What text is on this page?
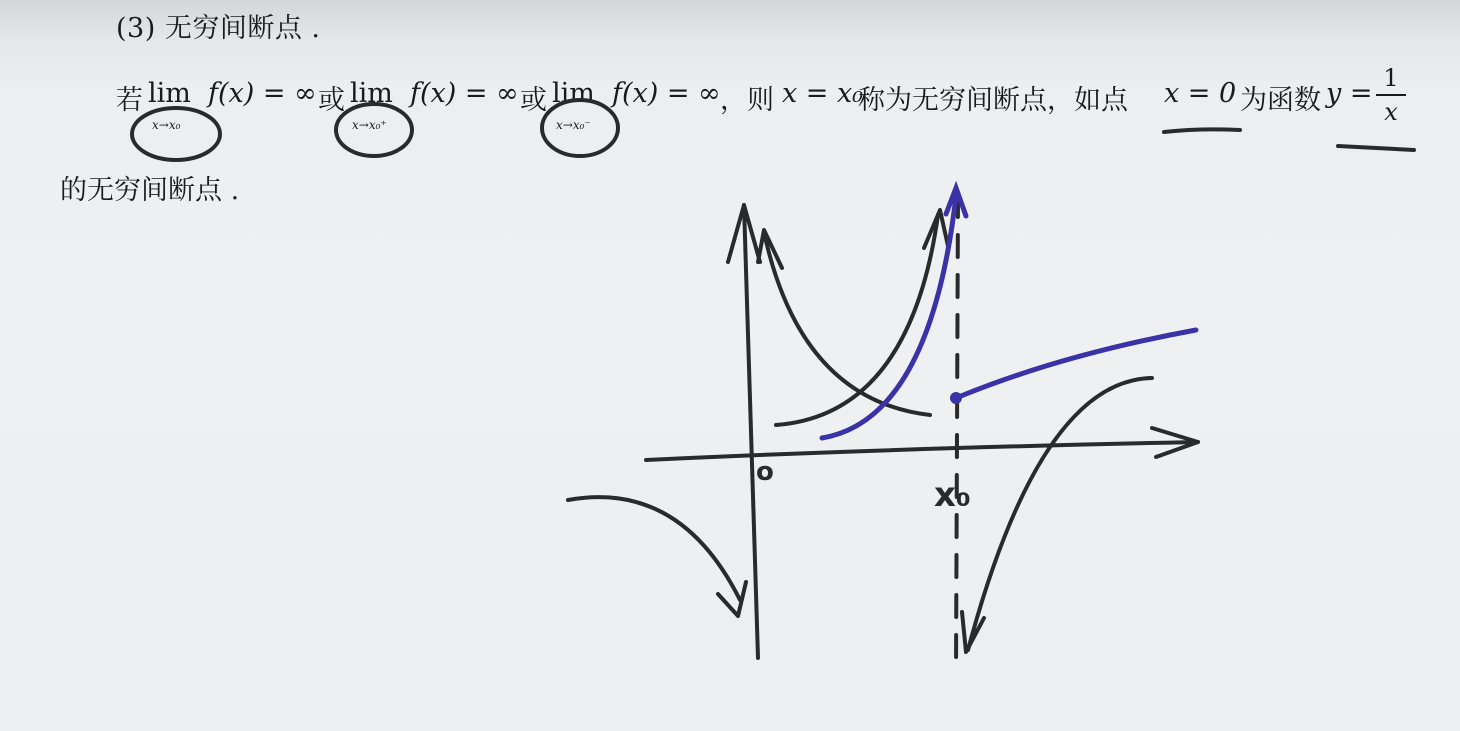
(3) 无穷间断点 .
若 lim
x→x₀
f(x) = ∞ 或 lim
x→x₀⁺
f(x) = ∞ 或 lim
x→x₀⁻
f(x) = ∞ ，则 x = x₀
称为无穷间断点，如点 x = 0 为函数 y = 1
x
的无穷间断点 .
o
x₀
